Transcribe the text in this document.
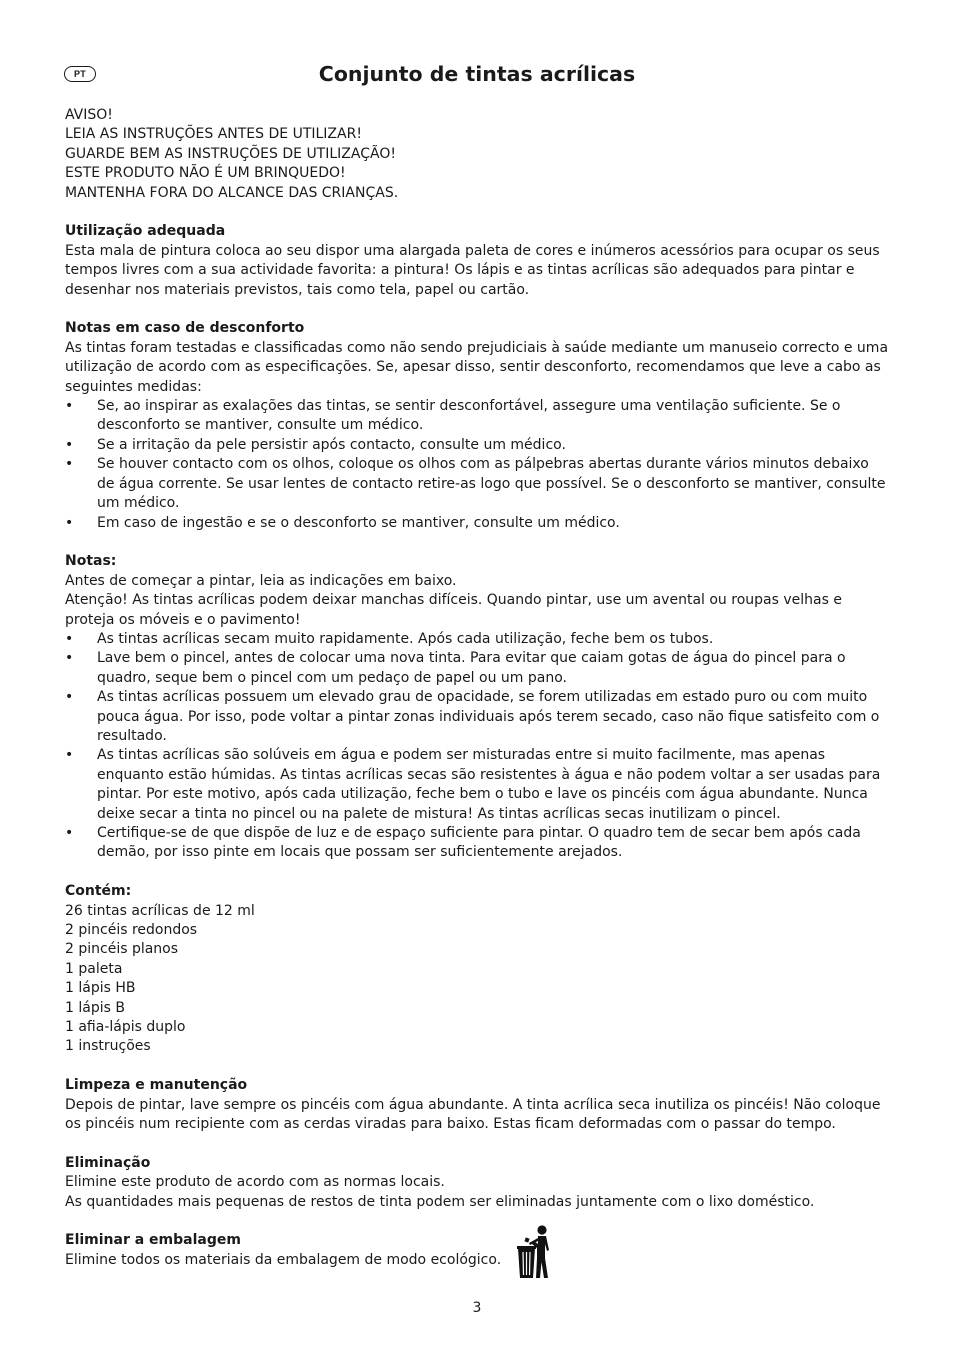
PT	Conjunto de tintas acrílicas
AVISO!
LEIA AS INSTRUÇÕES ANTES DE UTILIZAR!
GUARDE BEM AS INSTRUÇÕES DE UTILIZAÇÃO!
ESTE PRODUTO NÃO É UM BRINQUEDO!
MANTENHA FORA DO ALCANCE DAS CRIANÇAS.
Utilização adequada
Esta mala de pintura coloca ao seu dispor uma alargada paleta de cores e inúmeros acessórios para ocupar os seus tempos livres com a sua actividade favorita: a pintura! Os lápis e as tintas acrílicas são adequados para pintar e desenhar nos materiais previstos, tais como tela, papel ou cartão.
Notas em caso de desconforto
As tintas foram testadas e classificadas como não sendo prejudiciais à saúde mediante um manuseio correcto e uma utilização de acordo com as especificações. Se, apesar disso, sentir desconforto, recomendamos que leve a cabo as seguintes medidas:
• Se, ao inspirar as exalações das tintas, se sentir desconfortável, assegure uma ventilação suficiente. Se o desconforto se mantiver, consulte um médico.
• Se a irritação da pele persistir após contacto, consulte um médico.
• Se houver contacto com os olhos, coloque os olhos com as pálpebras abertas durante vários minutos debaixo de água corrente. Se usar lentes de contacto retire-as logo que possível. Se o desconforto se mantiver, consulte um médico.
• Em caso de ingestão e se o desconforto se mantiver, consulte um médico.
Notas:
Antes de começar a pintar, leia as indicações em baixo.
Atenção! As tintas acrílicas podem deixar manchas difíceis. Quando pintar, use um avental ou roupas velhas e proteja os móveis e o pavimento!
• As tintas acrílicas secam muito rapidamente. Após cada utilização, feche bem os tubos.
• Lave bem o pincel, antes de colocar uma nova tinta. Para evitar que caiam gotas de água do pincel para o quadro, seque bem o pincel com um pedaço de papel ou um pano.
• As tintas acrílicas possuem um elevado grau de opacidade, se forem utilizadas em estado puro ou com muito pouca água. Por isso, pode voltar a pintar zonas individuais após terem secado, caso não fique satisfeito com o resultado.
• As tintas acrílicas são solúveis em água e podem ser misturadas entre si muito facilmente, mas apenas enquanto estão húmidas. As tintas acrílicas secas são resistentes à água e não podem voltar a ser usadas para pintar. Por este motivo, após cada utilização, feche bem o tubo e lave os pincéis com água abundante. Nunca deixe secar a tinta no pincel ou na palete de mistura! As tintas acrílicas secas inutilizam o pincel.
• Certifique-se de que dispõe de luz e de espaço suficiente para pintar. O quadro tem de secar bem após cada demão, por isso pinte em locais que possam ser suficientemente arejados.
Contém:
26 tintas acrílicas de 12 ml
2 pincéis redondos
2 pincéis planos
1 paleta
1 lápis HB
1 lápis B
1 afia-lápis duplo
1 instruções
Limpeza e manutenção
Depois de pintar, lave sempre os pincéis com água abundante. A tinta acrílica seca inutiliza os pincéis! Não coloque os pincéis num recipiente com as cerdas viradas para baixo. Estas ficam deformadas com o passar do tempo.
Eliminação
Elimine este produto de acordo com as normas locais.
As quantidades mais pequenas de restos de tinta podem ser eliminadas juntamente com o lixo doméstico.
Eliminar a embalagem
Elimine todos os materiais da embalagem de modo ecológico.
3
